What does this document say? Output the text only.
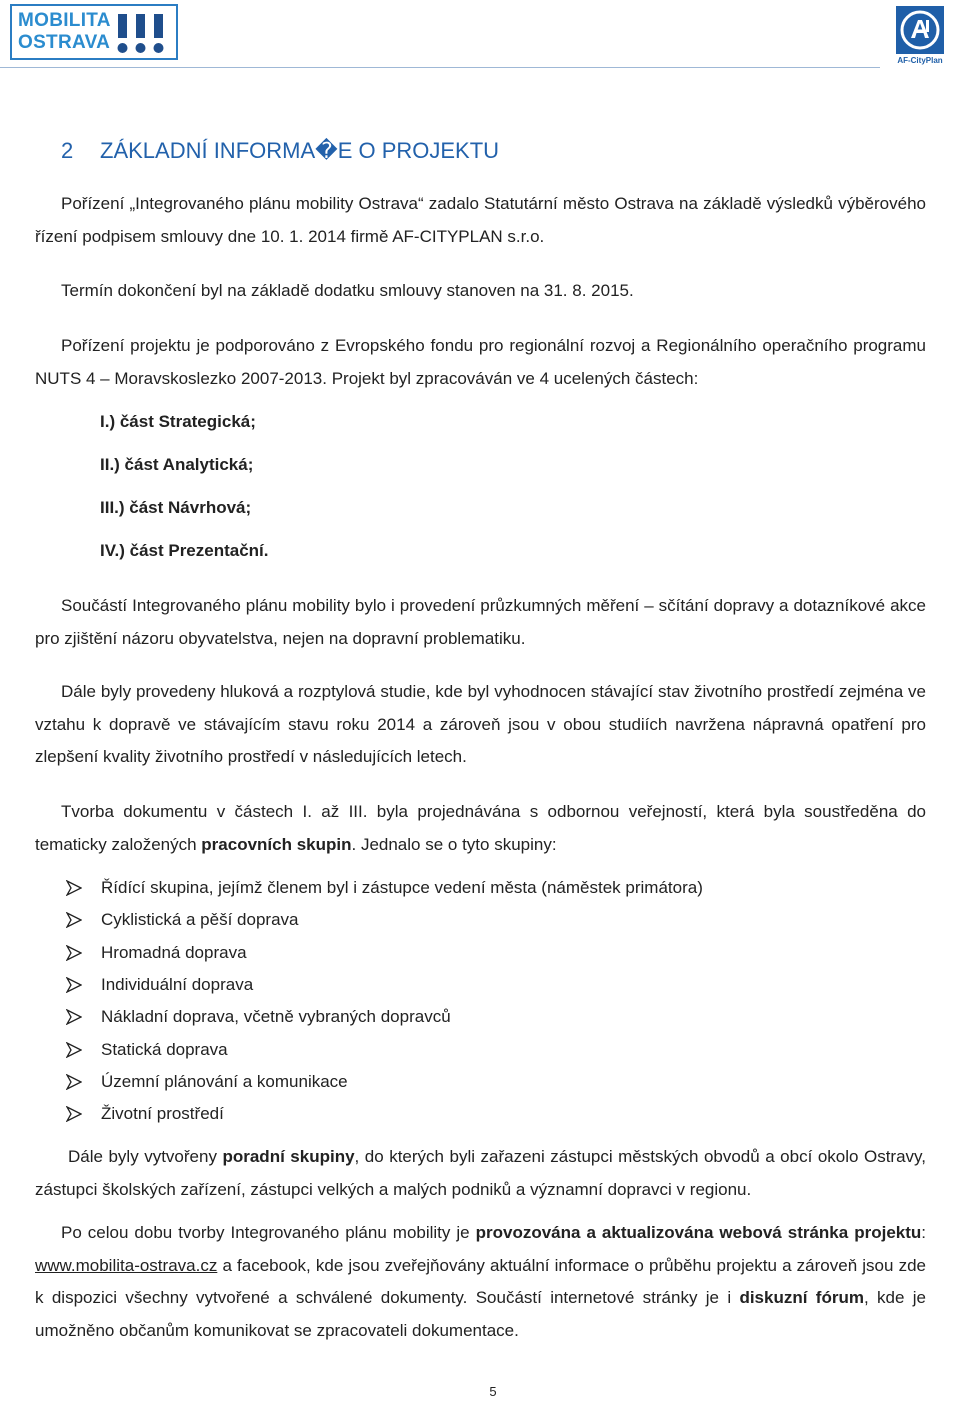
MOBILITA
OSTRAVA
AF-CityPlan
2 ZÁKLADNÍ INFORMA�E O PROJEKTU
Pořízení „Integrovaného plánu mobility Ostrava“ zadalo Statutární město Ostrava na základě výsledků výběrového řízení podpisem smlouvy dne 10. 1. 2014 firmě AF-CITYPLAN s.r.o.
Termín dokončení byl na základě dodatku smlouvy stanoven na 31. 8. 2015.
Pořízení projektu je podporováno z Evropského fondu pro regionální rozvoj a Regionálního operačního programu NUTS 4 – Moravskoslezko 2007-2013. Projekt byl zpracováván ve 4 ucelených částech:
I.) část Strategická;
II.) část Analytická;
III.) část Návrhová;
IV.) část Prezentační.
Součástí Integrovaného plánu mobility bylo i provedení průzkumných měření – sčítání dopravy a dotazníkové akce pro zjištění názoru obyvatelstva, nejen na dopravní problematiku.
Dále byly provedeny hluková a rozptylová studie, kde byl vyhodnocen stávající stav životního prostředí zejména ve vztahu k dopravě ve stávajícím stavu roku 2014 a zároveň jsou v obou studiích navržena nápravná opatření pro zlepšení kvality životního prostředí v následujících letech.
Tvorba dokumentu v částech I. až III. byla projednávána s odbornou veřejností, která byla soustředěna do tematicky založených pracovních skupin. Jednalo se o tyto skupiny:
Řídící skupina, jejímž členem byl i zástupce vedení města (náměstek primátora)
Cyklistická a pěší doprava
Hromadná doprava
Individuální doprava
Nákladní doprava, včetně vybraných dopravců
Statická doprava
Územní plánování a komunikace
Životní prostředí
Dále byly vytvořeny poradní skupiny, do kterých byli zařazeni zástupci městských obvodů a obcí okolo Ostravy, zástupci školských zařízení, zástupci velkých a malých podniků a významní dopravci v regionu.
Po celou dobu tvorby Integrovaného plánu mobility je provozována a aktualizována webová stránka projektu: www.mobilita-ostrava.cz a facebook, kde jsou zveřejňovány aktuální informace o průběhu projektu a zároveň jsou zde k dispozici všechny vytvořené a schválené dokumenty. Součástí internetové stránky je i diskuzní fórum, kde je umožněno občanům komunikovat se zpracovateli dokumentace.
5
